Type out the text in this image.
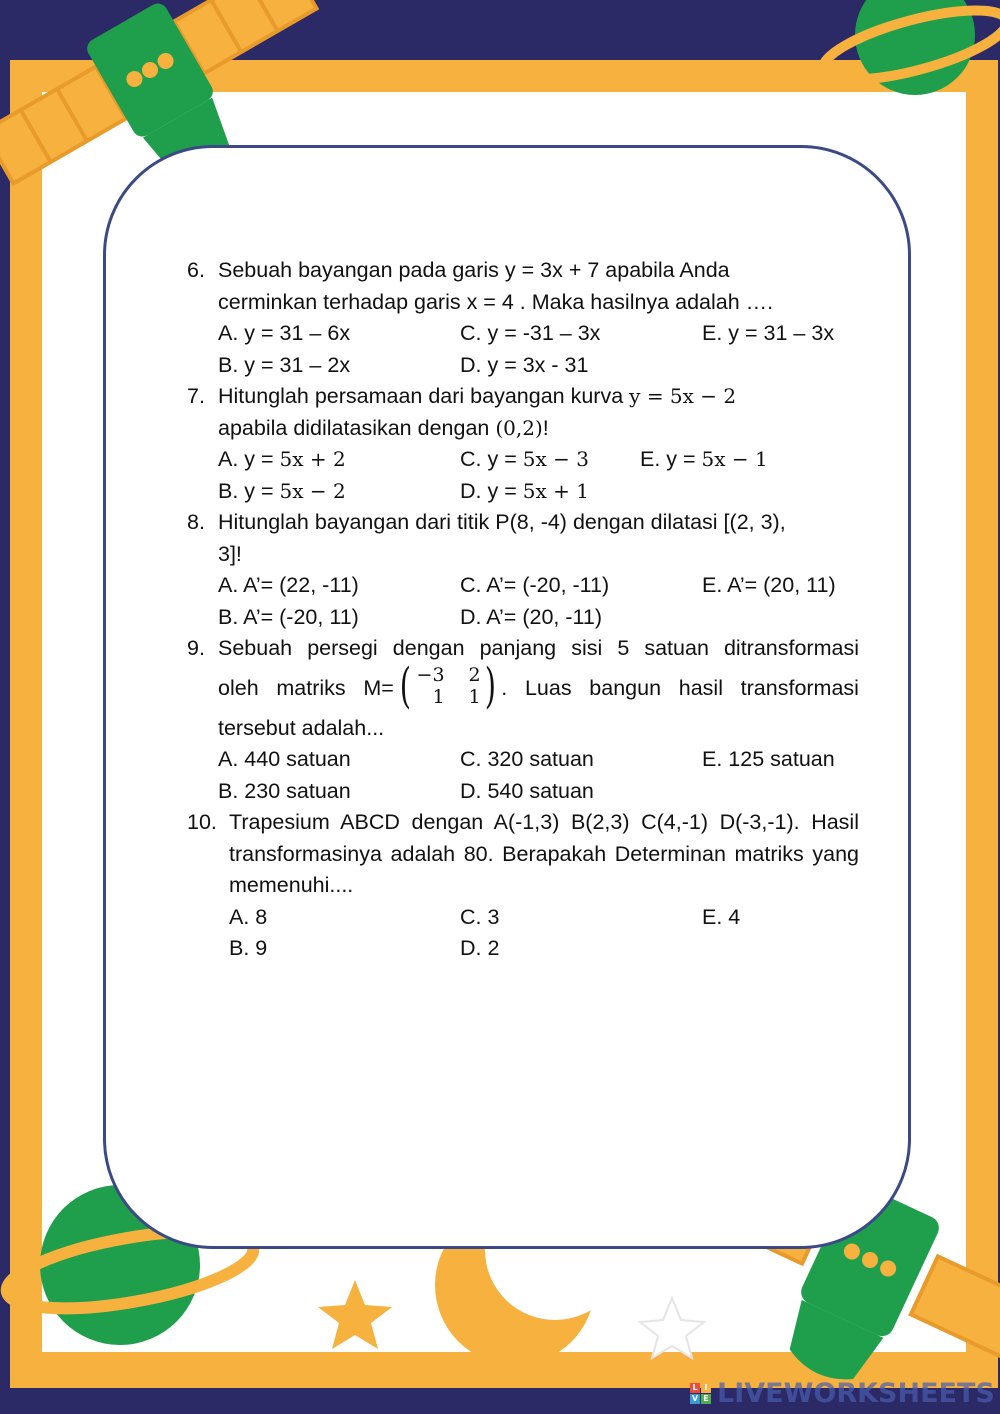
6. Sebuah bayangan pada garis y = 3x + 7 apabila Anda
cerminkan terhadap garis x = 4 . Maka hasilnya adalah ….
A. y = 31 – 6x	C. y = -31 – 3x	E. y = 31 – 3x
B. y = 31 – 2x	D. y = 3x - 31
7. Hitunglah persamaan dari bayangan kurva y = 5x − 2
apabila didilatasikan dengan (0,2)!
A. y = 5x + 2	C. y = 5x − 3	E. y = 5x − 1
B. y = 5x − 2	D. y = 5x + 1
8. Hitunglah bayangan dari titik P(8, -4) dengan dilatasi [(2, 3),
3]!
A. A’= (22, -11)	C. A’= (-20, -11)	E. A’= (20, 11)
B. A’= (-20, 11)	D. A’= (20, -11)
9. Sebuah persegi dengan panjang sisi 5 satuan ditransformasi
oleh matriks M= ( −3	2
1	1 ) . Luas bangun hasil transformasi
tersebut adalah...
A. 440 satuan	C. 320 satuan	E. 125 satuan
B. 230 satuan	D. 540 satuan
10. Trapesium ABCD dengan A(-1,3) B(2,3) C(4,-1) D(-3,-1). Hasil transformasinya adalah 80. Berapakah Determinan matriks yang memenuhi....
A. 8	C. 3	E. 4
B. 9	D. 2
L I
V E LIVEWORKSHEETS
